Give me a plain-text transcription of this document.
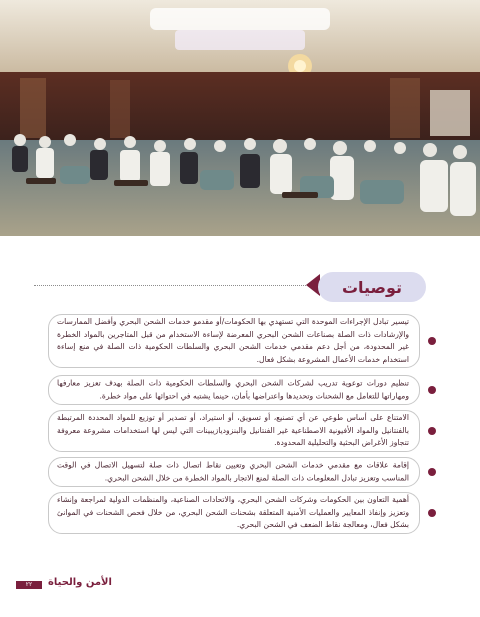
توصيات
تيسير تبادل الإجراءات الموحدة التي تستهدي بها الحكومات/أو مقدمو خدمات الشحن البحري وأفضل الممارسات والإرشادات ذات الصلة بصناعات الشحن البحري المعرضة لإساءة الاستخدام من قبل المتاجرين بالمواد الخطرة غير المحدودة، من أجل دعم مقدمي خدمات الشحن البحري والسلطات الحكومية ذات الصلة في منع إساءة استخدام خدمات الأعمال المشروعة بشكل فعال.
تنظيم دورات توعوية تدريب لشركات الشحن البحري والسلطات الحكومية ذات الصلة بهدف تعزيز معارفها ومهاراتها للتعامل مع الشحنات وتحديدها واعتراضها بأمان، حينما يشتبه في احتوائها على مواد خطرة.
الامتناع على أساس طوعي عن أي تصنيع، أو تسويق، أو استيراد، أو تصدير أو توزيع للمواد المحددة المرتبطة بالفنتانيل والمواد الأفيونية الاصطناعية غير الفنتانيل والبنزوديازيبينات التي ليس لها استخدامات مشروعة معروفة تتجاوز الأغراض البحثية والتحليلية المحدودة.
إقامة علاقات مع مقدمي خدمات الشحن البحري وتعيين نقاط اتصال ذات صلة لتسهيل الاتصال في الوقت المناسب وتعزيز تبادل المعلومات ذات الصلة لمنع الاتجار بالمواد الخطرة من خلال الشحن البحري.
أهمية التعاون بين الحكومات وشركات الشحن البحري، والاتحادات الصناعية، والمنظمات الدولية لمراجعة وإنشاء وتعزيز وإنفاذ المعايير والعمليات الأمنية المتعلقة بشحنات الشحن البحري، من خلال فحص الشحنات في الموانئ بشكل فعال، ومعالجة نقاط الضعف في الشحن البحري.
٢٢	الأمن والحياة
